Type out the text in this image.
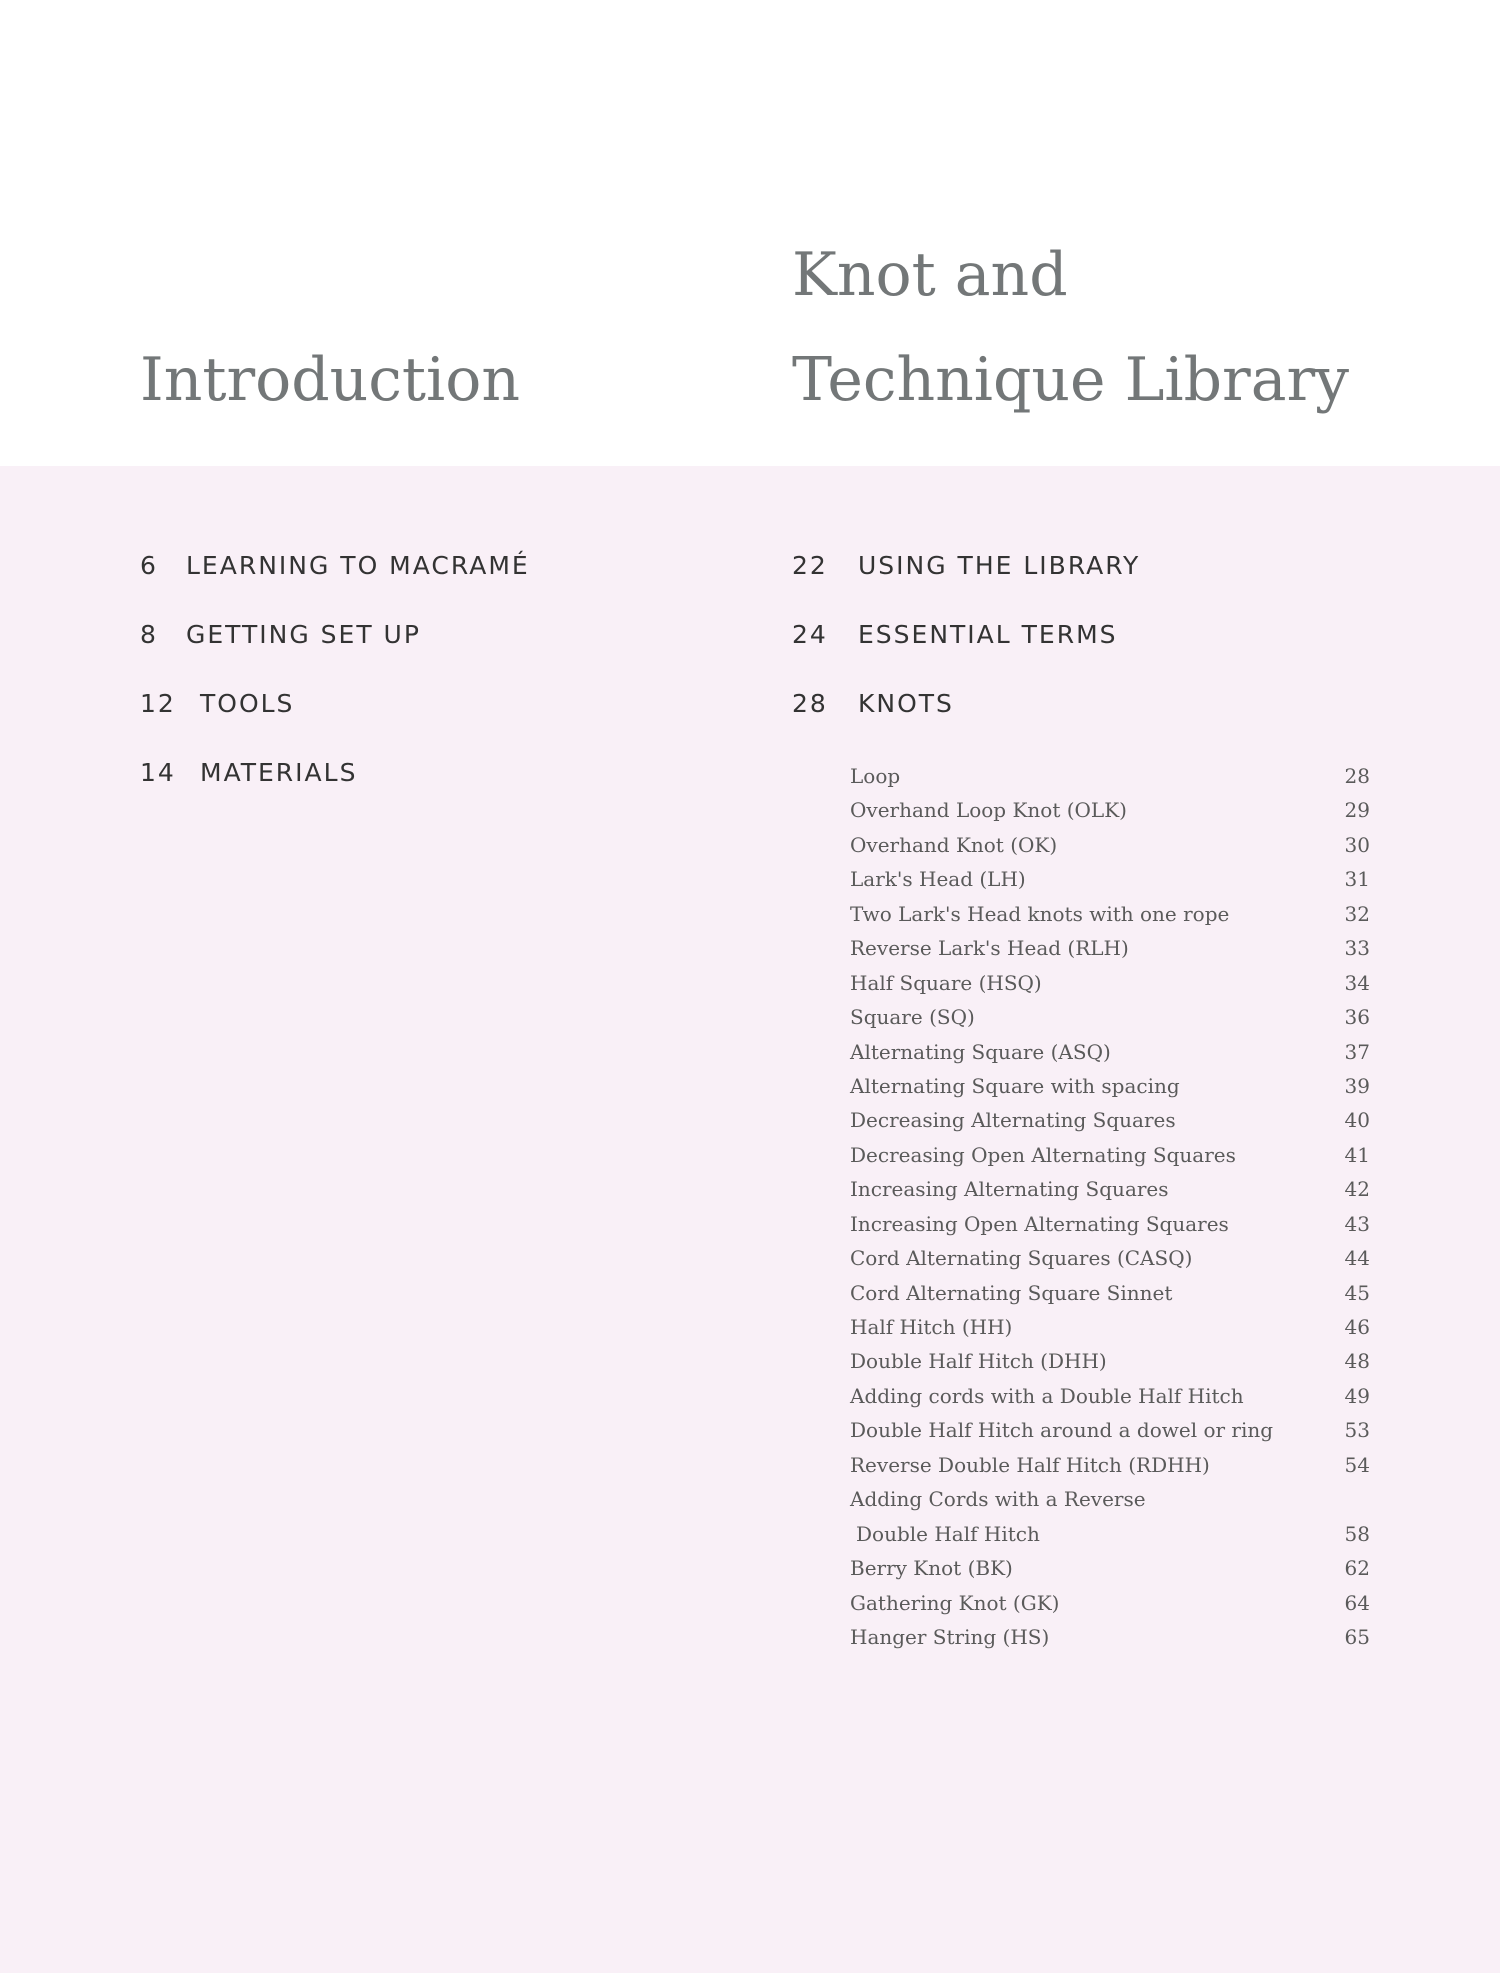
Introduction
Knot and
Technique Library
6 LEARNING TO MACRAMÉ
8 GETTING SET UP
12 TOOLS
14 MATERIALS
22 USING THE LIBRARY
24 ESSENTIAL TERMS
28 KNOTS
Loop	28
Overhand Loop Knot (OLK)	29
Overhand Knot (OK)	30
Lark's Head (LH)	31
Two Lark's Head knots with one rope	32
Reverse Lark's Head (RLH)	33
Half Square (HSQ)	34
Square (SQ)	36
Alternating Square (ASQ)	37
Alternating Square with spacing	39
Decreasing Alternating Squares	40
Decreasing Open Alternating Squares	41
Increasing Alternating Squares	42
Increasing Open Alternating Squares	43
Cord Alternating Squares (CASQ)	44
Cord Alternating Square Sinnet	45
Half Hitch (HH)	46
Double Half Hitch (DHH)	48
Adding cords with a Double Half Hitch	49
Double Half Hitch around a dowel or ring	53
Reverse Double Half Hitch (RDHH)	54
Adding Cords with a Reverse
Double Half Hitch	58
Berry Knot (BK)	62
Gathering Knot (GK)	64
Hanger String (HS)	65
